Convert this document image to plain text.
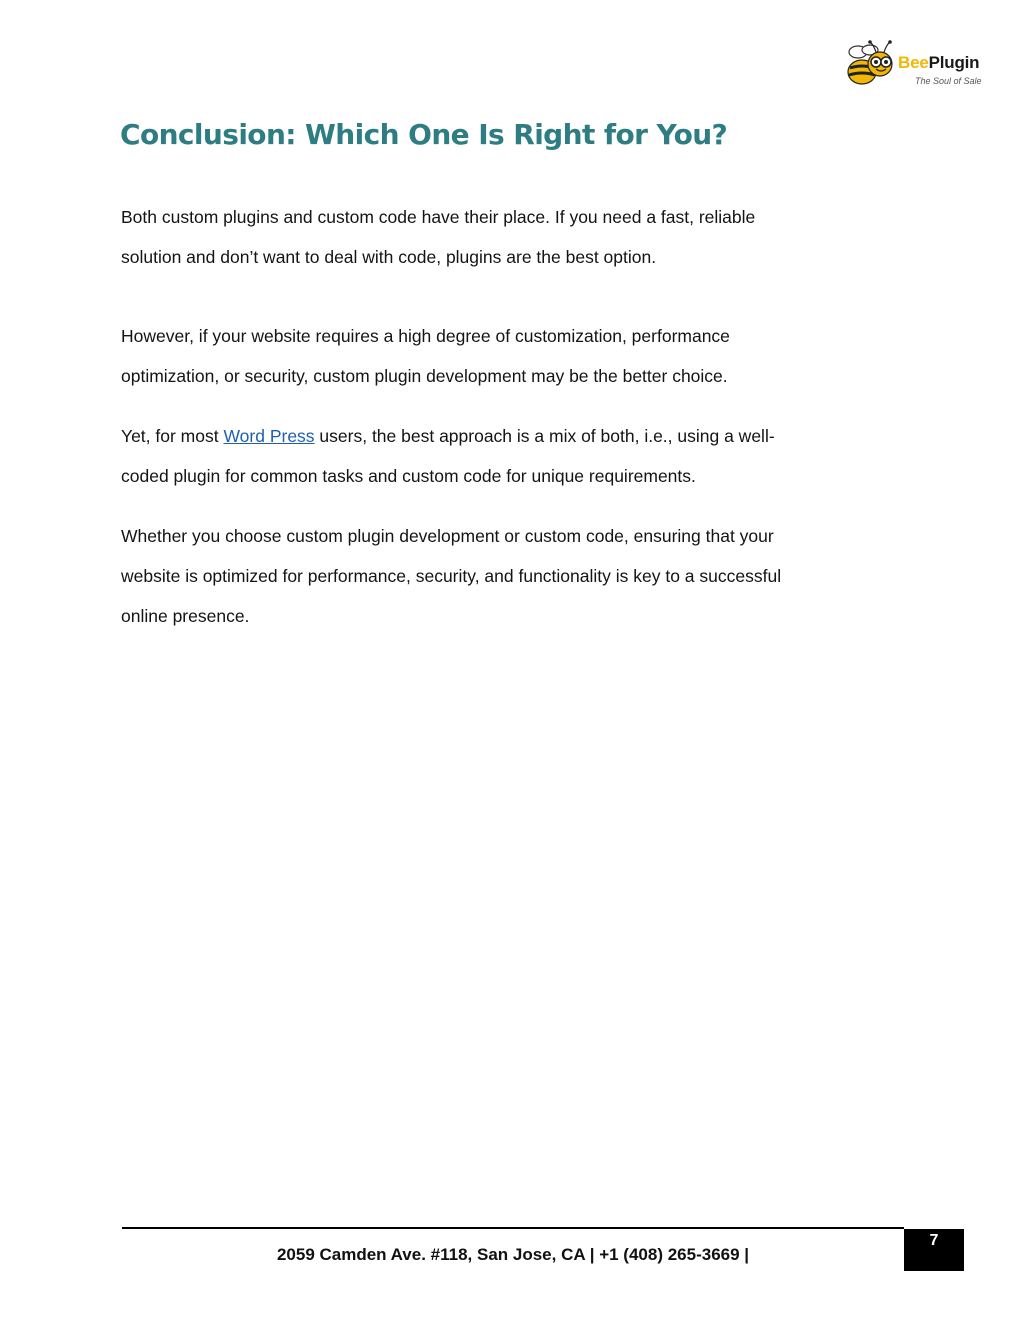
BeePlugin
The Soul of Sale
Conclusion: Which One Is Right for You?

Both custom plugins and custom code have their place. If you need a fast, reliable
solution and don’t want to deal with code, plugins are the best option.

However, if your website requires a high degree of customization, performance
optimization, or security, custom plugin development may be the better choice.

Yet, for most Word Press users, the best approach is a mix of both, i.e., using a well-
coded plugin for common tasks and custom code for unique requirements.

Whether you choose custom plugin development or custom code, ensuring that your
website is optimized for performance, security, and functionality is key to a successful
online presence.

2059 Camden Ave. #118, San Jose, CA | +1 (408) 265-3669 |
7
